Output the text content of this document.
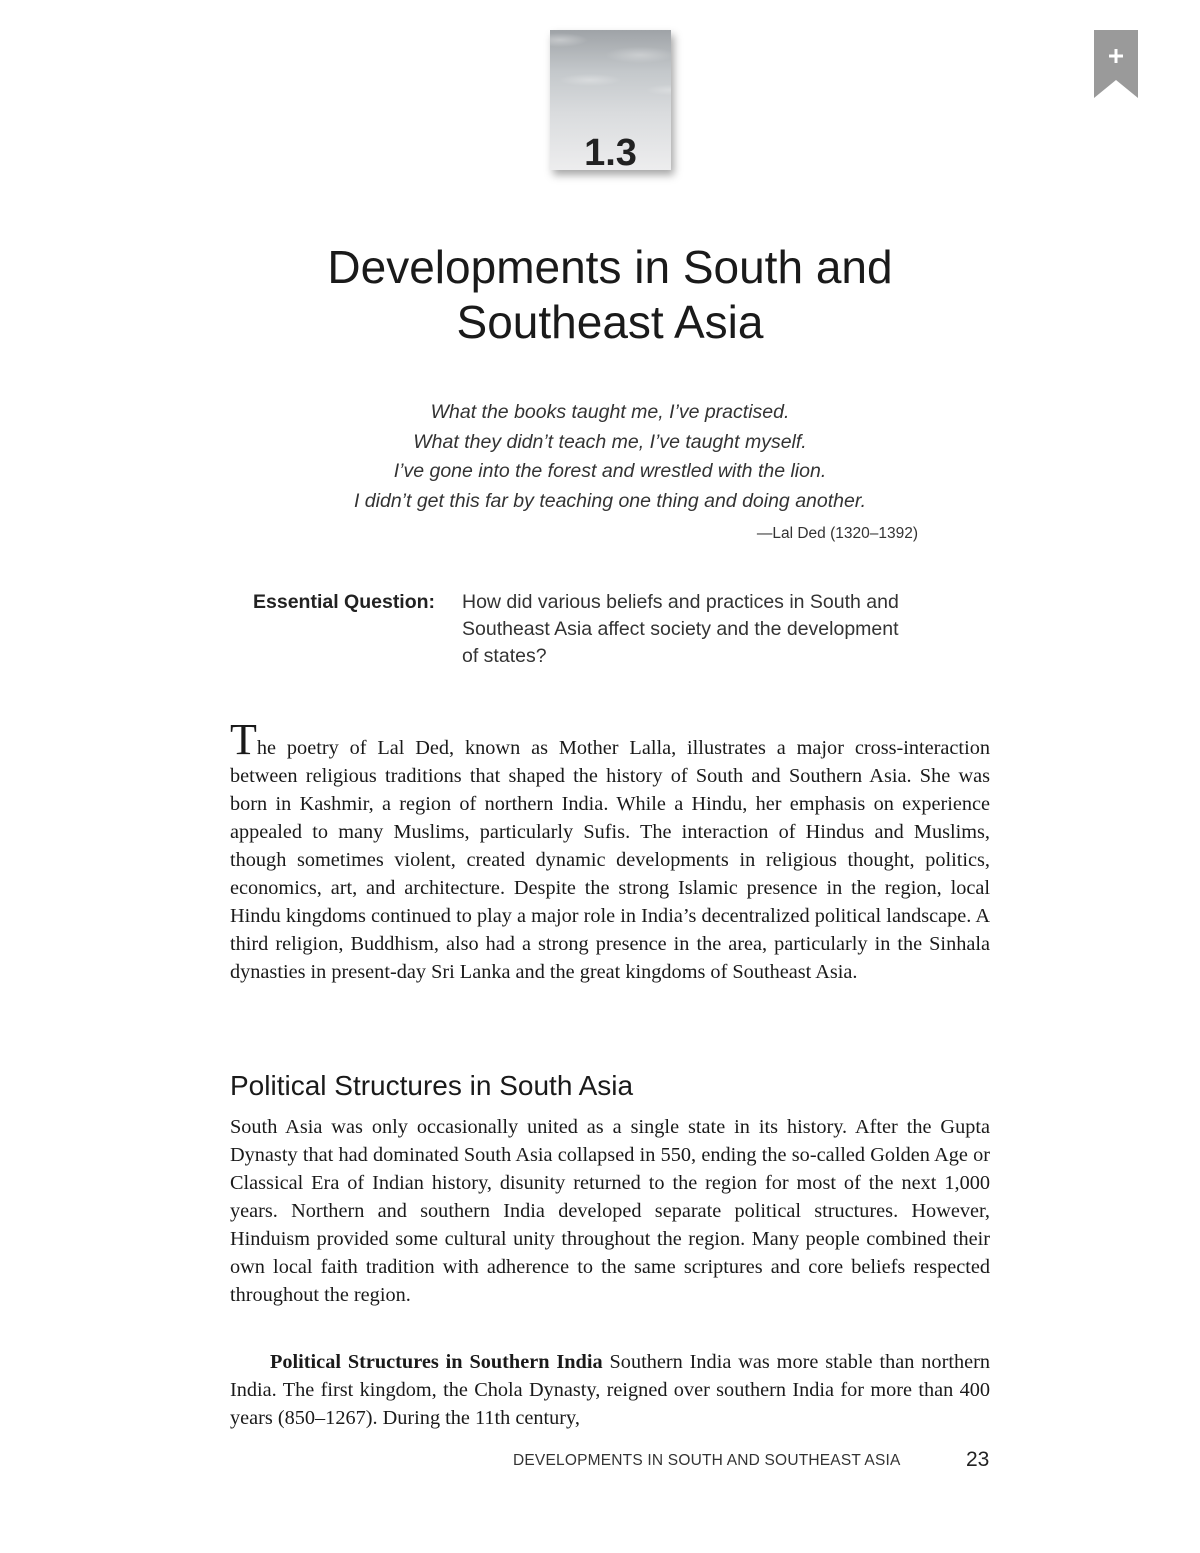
1.3
Developments in South and
Southeast Asia
What the books taught me, I’ve practised.
What they didn’t teach me, I’ve taught myself.
I’ve gone into the forest and wrestled with the lion.
I didn’t get this far by teaching one thing and doing another.
—Lal Ded (1320–1392)
Essential Question: How did various beliefs and practices in South and
Southeast Asia affect society and the development
of states?

The poetry of Lal Ded, known as Mother Lalla, illustrates a major cross-interaction between religious traditions that shaped the history of South and Southern Asia. She was born in Kashmir, a region of northern India. While a Hindu, her emphasis on experience appealed to many Muslims, particularly Sufis. The interaction of Hindus and Muslims, though sometimes violent, created dynamic developments in religious thought, politics, economics, art, and architecture. Despite the strong Islamic presence in the region, local Hindu kingdoms continued to play a major role in India’s decentralized political landscape. A third religion, Buddhism, also had a strong presence in the area, particularly in the Sinhala dynasties in present-day Sri Lanka and the great kingdoms of Southeast Asia.

Political Structures in South Asia

South Asia was only occasionally united as a single state in its history. After the Gupta Dynasty that had dominated South Asia collapsed in 550, ending the so-called Golden Age or Classical Era of Indian history, disunity returned to the region for most of the next 1,000 years. Northern and southern India developed separate political structures. However, Hinduism provided some cultural unity throughout the region. Many people combined their own local faith tradition with adherence to the same scriptures and core beliefs respected throughout the region.

Political Structures in Southern India Southern India was more stable than northern India. The first kingdom, the Chola Dynasty, reigned over southern India for more than 400 years (850–1267). During the 11th century,

DEVELOPMENTS IN SOUTH AND SOUTHEAST ASIA	23
